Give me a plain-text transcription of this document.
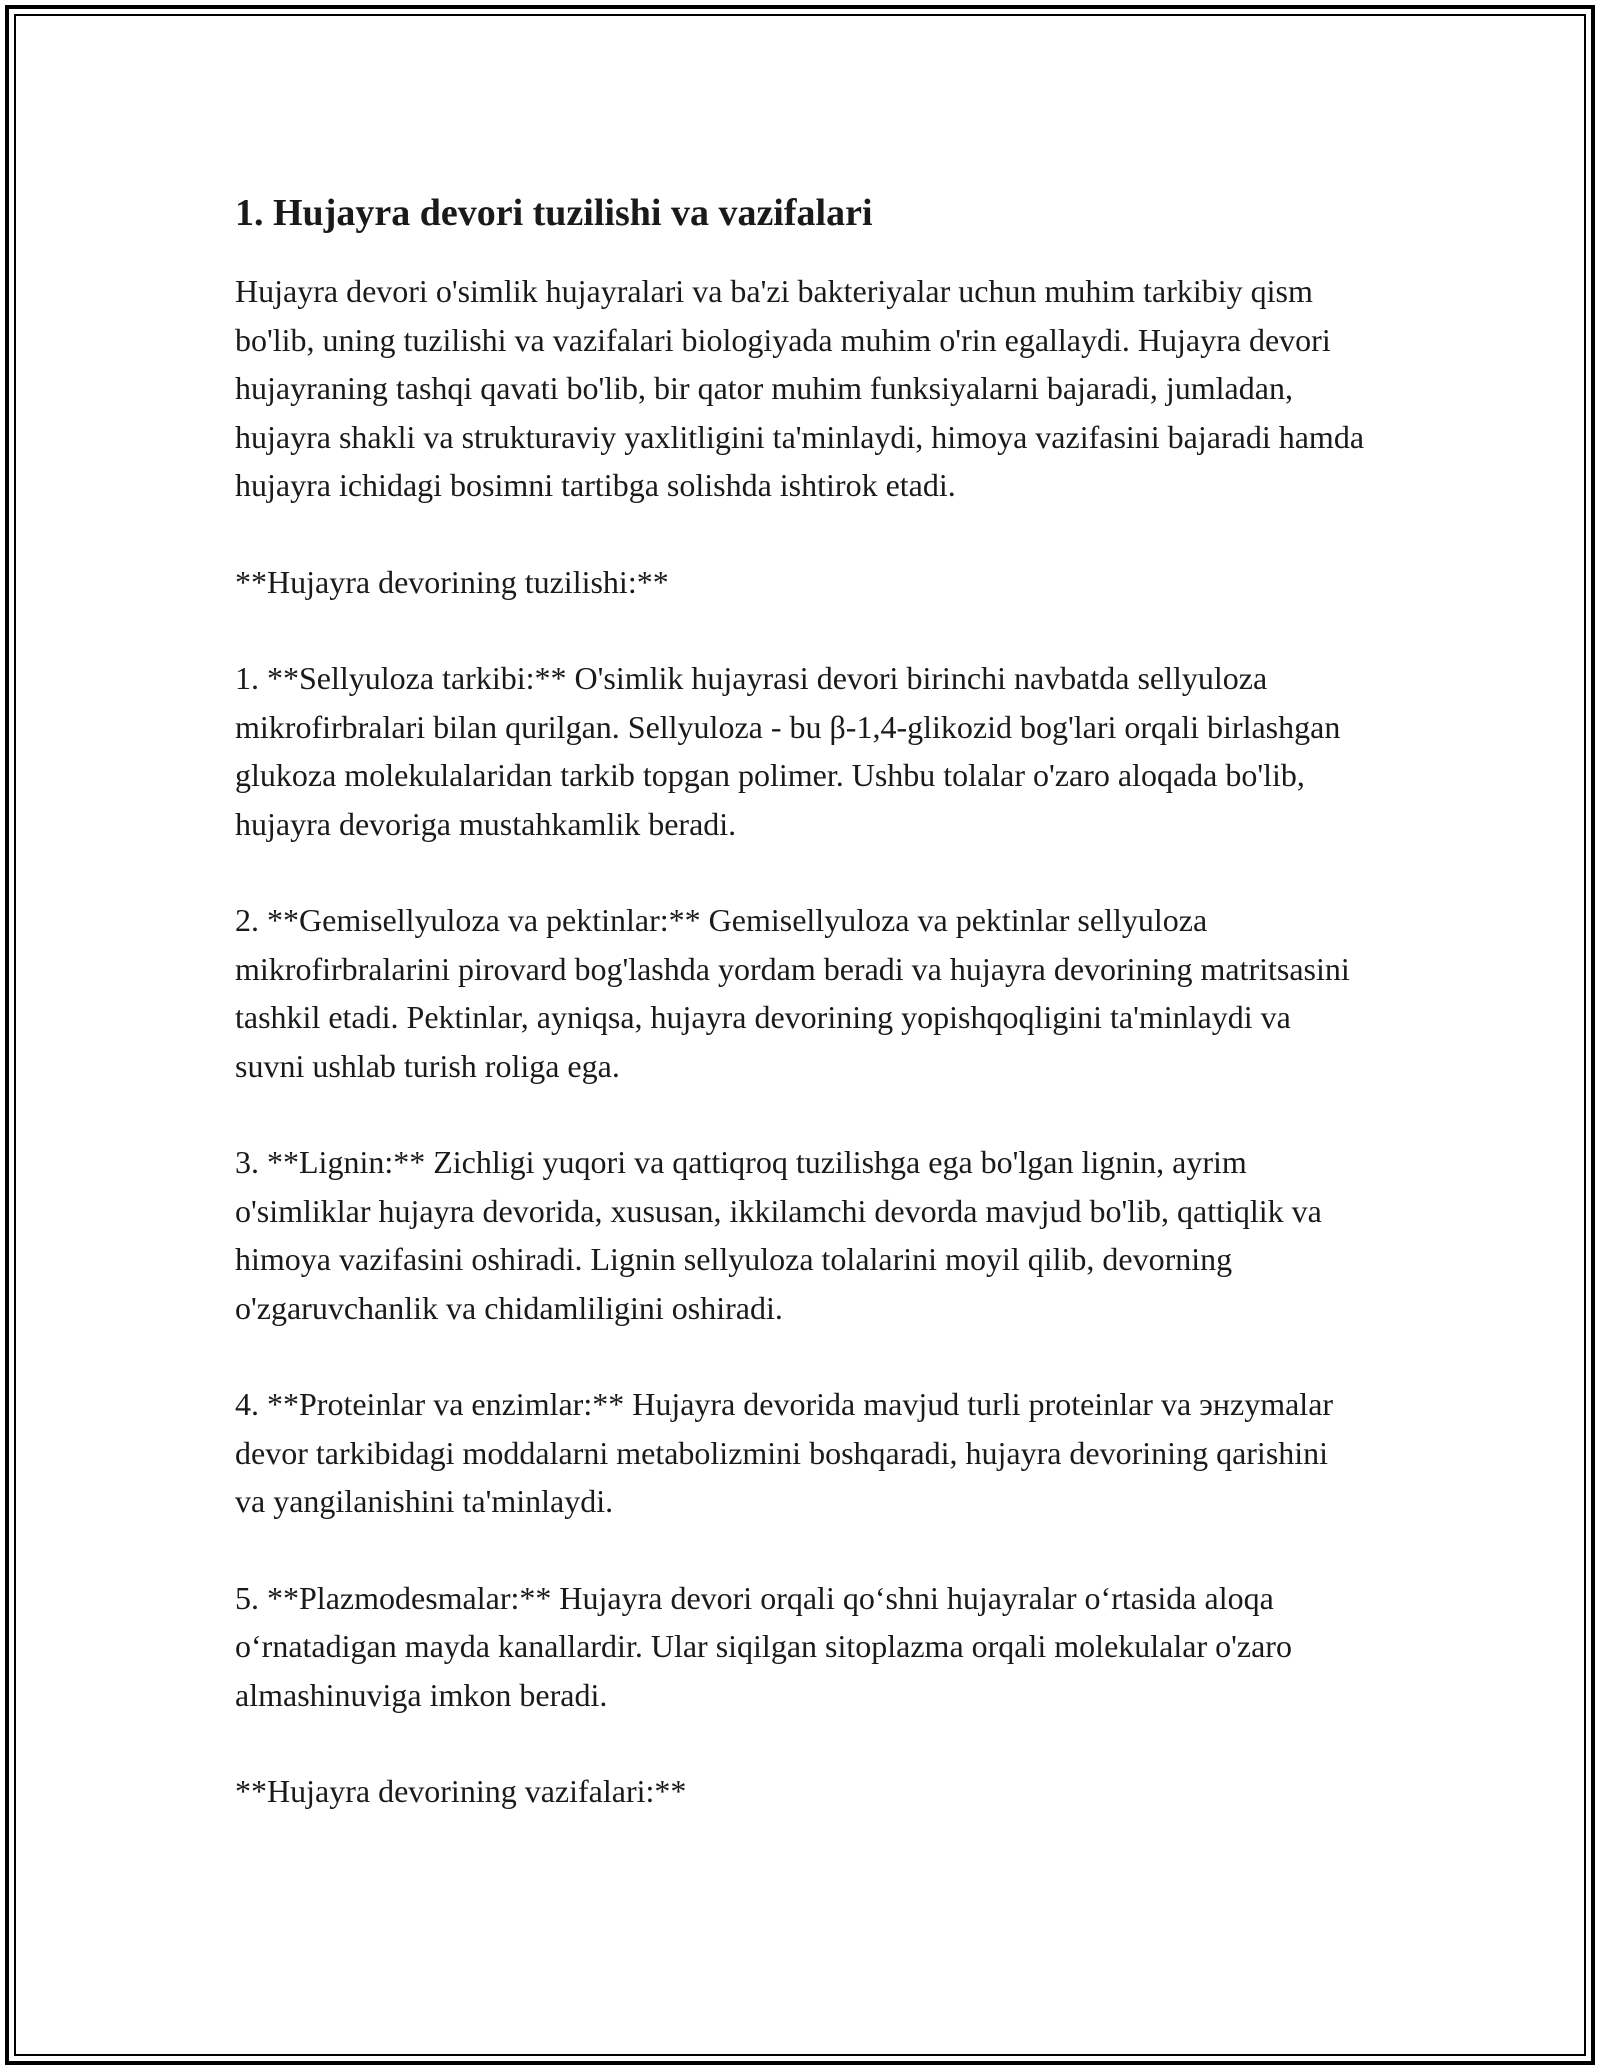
1. Hujayra devori tuzilishi va vazifalari

Hujayra devori o'simlik hujayralari va ba'zi bakteriyalar uchun muhim tarkibiy qism bo'lib, uning tuzilishi va vazifalari biologiyada muhim o'rin egallaydi. Hujayra devori hujayraning tashqi qavati bo'lib, bir qator muhim funksiyalarni bajaradi, jumladan, hujayra shakli va strukturaviy yaxlitligini ta'minlaydi, himoya vazifasini bajaradi hamda hujayra ichidagi bosimni tartibga solishda ishtirok etadi.

**Hujayra devorining tuzilishi:**

1. **Sellyuloza tarkibi:** O'simlik hujayrasi devori birinchi navbatda sellyuloza mikrofirbralari bilan qurilgan. Sellyuloza - bu β-1,4-glikozid bog'lari orqali birlashgan glukoza molekulalaridan tarkib topgan polimer. Ushbu tolalar o'zaro aloqada bo'lib, hujayra devoriga mustahkamlik beradi.

2. **Gemisellyuloza va pektinlar:** Gemisellyuloza va pektinlar sellyuloza mikrofirbralarini pirovard bog'lashda yordam beradi va hujayra devorining matritsasini tashkil etadi. Pektinlar, ayniqsa, hujayra devorining yopishqoqligini ta'minlaydi va suvni ushlab turish roliga ega.

3. **Lignin:** Zichligi yuqori va qattiqroq tuzilishga ega bo'lgan lignin, ayrim o'simliklar hujayra devorida, xususan, ikkilamchi devorda mavjud bo'lib, qattiqlik va himoya vazifasini oshiradi. Lignin sellyuloza tolalarini moyil qilib, devorning o'zgaruvchanlik va chidamliligini oshiradi.

4. **Proteinlar va enzimlar:** Hujayra devorida mavjud turli proteinlar va энzymalar devor tarkibidagi moddalarni metabolizmini boshqaradi, hujayra devorining qarishini va yangilanishini ta'minlaydi.

5. **Plazmodesmalar:** Hujayra devori orqali qoʻshni hujayralar oʻrtasida aloqa oʻrnatadigan mayda kanallardir. Ular siqilgan sitoplazma orqali molekulalar o'zaro almashinuviga imkon beradi.

**Hujayra devorining vazifalari:**
